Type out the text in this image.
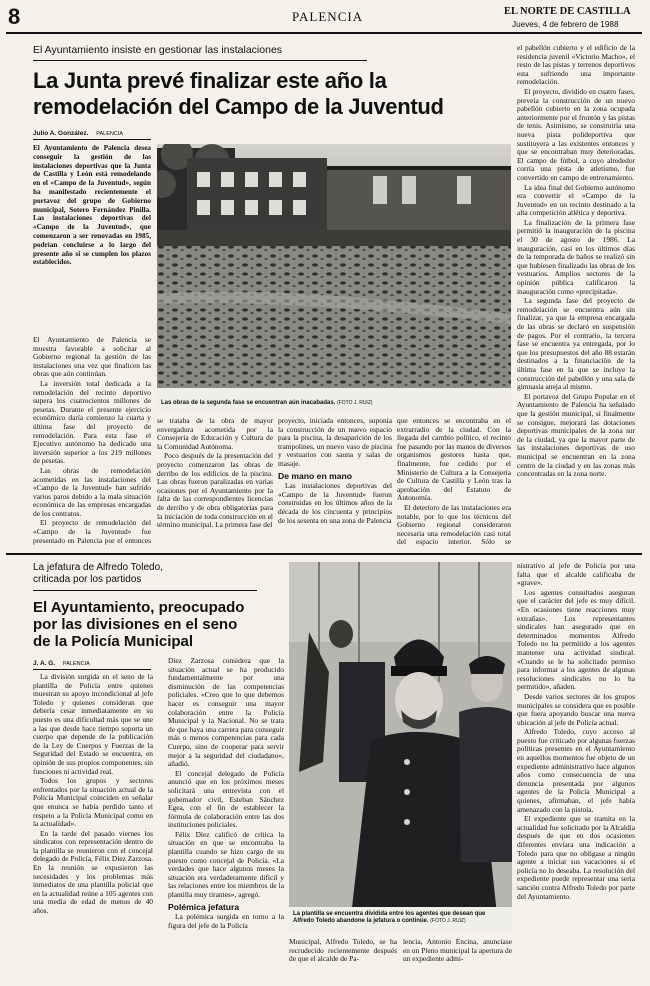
8	PALENCIA	EL NORTE DE CASTILLA
Jueves, 4 de febrero de 1988
El Ayuntamiento insiste en gestionar las instalaciones
La Junta prevé finalizar este año la
remodelación del Campo de la Juventud
Julio A. González. PALENCIA

El Ayuntamiento de Palencia desea conseguir la gestión de las instalaciones deportivas que la Junta de Castilla y León está remodelando en el «Campo de la Juventud», según ha manifestado recientemente el portavoz del grupo de Gobierno municipal, Sotero Fernández Pinilla. Las instalaciones deportivas del «Campo de la Juventud», que comenzaron a ser renovadas en 1985, podrían concluirse a lo largo del presente año si se cumplen los plazos establecidos.

Las obras de la segunda fase se encuentran aún inacabadas. (FOTO J. RUIZ)

El Ayuntamiento de Palencia se muestra favorable a solicitar al Gobierno regional la gestión de las instalaciones una vez que finalicen las obras que aún continúan.

La inversión total dedicada a la remodelación del recinto deportivo supera los cuatrocientos millones de pesetas. Durante el presente ejercicio económico daría comienzo la cuarta y última fase del proyecto de remodelación. Para esta fase el Ejecutivo autónomo ha dedicado una inversión superior a los 219 millones de pesetas.

Las obras de remodelación acometidas en las instalaciones del «Campo de la Juventud» han sufrido varios paros debido a la mala situación económica de las empresas encargadas de los contratos.

El proyecto de remodelación del «Campo de la Juventud» fue presentado en Palencia por el entonces

se trataba de la obra de mayor envergadura acometida por la Consejería de Educación y Cultura de la Comunidad Autónoma.

Poco después de la presentación del proyecto comenzaron las obras de derribo de los edificios de la piscina. Las obras fueron paralizadas en varias ocasiones por el Ayuntamiento por la falta de las correspondientes licencias de derribo y de obra obligatorias para la iniciación de toda construcción en el término municipal. La primera fase del

proyecto, iniciada entonces, suponía la construcción de un nuevo espacio para la piscina, la desaparición de los trampolines, un nuevo vaso de piscina y vestuarios con sauna y salas de masaje.

De mano en mano

Las instalaciones deportivas del «Campo de la Juventud» fueron construidas en los últimos años de la década de los cincuenta y principios de los sesenta en una zona de Palencia

que entonces se encontraba en el extrarradio de la ciudad. Con la llegada del cambio político, el recinto fue pasando por las manos de diversos organismos gestores hasta que, finalmente, fue cedido por el Ministerio de Cultura a la Consejería de Cultura de Castilla y León tras la aprobación del Estatuto de Autonomía.

El deterioro de las instalaciones era notable, por lo que los técnicos del Gobierno regional consideraron necesaria una remodelación casi total del espacio interior. Sólo se

el pabellón cubierto y el edificio de la residencia juvenil «Victorio Macho», el resto de las pistas y terrenos deportivos esta sufriendo una importante remodelación.

El proyecto, dividido en cuatro fases, preveía la construcción de un nuevo pabellón cubierto en la zona ocupada anteriormente por el frontón y las pistas de tenis. Asimismo, se construiría una nueva pista polideportiva que sustituyera a las existentes entonces y que se encontraban muy deterioradas. El campo de fútbol, a cuyo alrededor corría una pista de atletismo, fue convertido en campo de entrenamiento.

La idea final del Gobierno autónomo era convertir el «Campo de la Juventud» en un recinto destinado a la alta competición atlética y deportiva.

La finalización de la primera fase permitió la inauguración de la piscina el 30 de agosto de 1986. La inauguración, casi en los últimos días de la temporada de baños se realizó sin que hubiesen finalizado las obras de los vestuarios. Amplios sectores de la opinión pública calificaron la inauguración como «precipitada».

La segunda fase del proyecto de remodelación se encuentra aún sin finalizar, ya que la empresa encargada de las obras se declaró en suspensión de pagos. Por el contrario, la tercera fase se encuentra ya entregada, por lo que los presupuestos del año 88 estarán destinados a la financiación de la última fase en la que se incluye la construcción del pabellón y una sala de gimnasia aneja al mismo.

El portavoz del Grupo Popular en el Ayuntamiento de Palencia ha señalado que la gestión municipal, si finalmente se consigue, mejorará las dotaciones deportivas municipales de la zona sur de la ciudad, ya que la mayor parte de las instalaciones deportivas de uso municipal se encuentran en la zona centro de la ciudad y en las zonas más concentradas en la zona norte.

La jefatura de Alfredo Toledo,
criticada por los partidos
El Ayuntamiento, preocupado
por las divisiones en el seno
de la Policía Municipal
J. A. G. PALENCIA

La división surgida en el seno de la plantilla de Policía entre quienes muestran su apoyo incondicional al jefe Toledo y quienes consideran que debería cesar inmediatamente en su puesto es una dificultad más que se une a las que desde hace tiempo soporta un cuerpo que depende de la publicación de la Ley de Cuerpos y Fuerzas de la Seguridad del Estado se encuentra, en opinión de sus propios componentes, sin funciones ni actividad real.

Todos los grupos y sectores enfrentados por la situación actual de la Policía Municipal coinciden en señalar que enunca se había perdido tanto el respeto a la Policía Municipal como en la actualidad».

En la tarde del pasado viernes los sindicatos con representación dentro de la plantilla se reunieron con el concejal delegado de Policía, Félix Díez Zarzosa. En la reunión se expusieron las necesidades y los problemas más inmediatos de una plantilla policial que en la actualidad reúne a 105 agentes con una media de edad de menos de 40 años.

Díez Zarzosa considera que la situación actual se ha producido fundamentalmente por una disminución de las competencias policiales. «Creo que lo que debemos hacer es conseguir una mayor colaboración entre la Policía Municipal y la Nacional. No se trata de que haya una carrera para conseguir más o menos competencias para cada Cuerpo, sino de cooperar para servir mejor a la seguridad del ciudadano», añadió.

El concejal delegado de Policía anunció que en los próximos meses solicitará una entrevista con el gobernador civil, Esteban Sánchez Egea, con el fin de establecer la fórmula de colaboración entre las dos instituciones policiales.

Félix Díez calificó de crítica la situación en que se encontraba la plantilla cuando se hizo cargo de su puesto como concejal de Policía. «La verdades que hace algunos meses la situación era verdaderamente difícil y las relaciones entre los miembros de la plantilla muy tirantes», agregó.

Polémica jefatura

La polémica surgida en torno a la figura del jefe de la Policía

La plantilla se encuentra dividida entre los agentes que desean que
Alfredo Toledo abandone la jefatura o continúe. (FOTO J. RUIZ)

Municipal, Alfredo Toledo, se ha recrudecido recientemente después de que el alcalde de Pa-

lencia, Antonio Encina, anunciase en un Pleno municipal la apertura de un expediente admi-

nistrativo al jefe de Policía por una falta que el alcalde calificaba de «grave».

Los agentes consultados aseguran que el carácter del jefe es muy difícil. «En ocasiones tiene reacciones muy extrañas». Los representantes sindicales han asegurado que en determinados momentos Alfredo Toledo no ha permitido a los agentes mantener una actividad sindical. «Cuando se le ha solicitado permiso para informar a los agentes de algunas resoluciones sindicales no lo ha permitido», añaden.

Desde varios sectores de los grupos municipales se considera que es posible que fuera apoyando buscar una nueva ubicación al jefe de Policía actual.

Alfredo Toledo, cuyo acceso al puesto fue criticado por algunas fuerzas políticas presentes en el Ayuntamiento en aquellos momentos fue objeto de un expediente administrativo hace algunos años como consecuencia de una denuncia presentada por algunos agentes de la Policía Municipal a quienes, afirmaban, el jefe había amenazado con la pistola.

El expediente que se tramita en la actualidad fue solicitado por la Alcaldía después de que en dos ocasiones diferentes enviara una indicación a Toledo para que no obligase a ningún agente a iniciar sus vacaciones si el policía no lo deseaba. La resolución del expediente puede representar una seria sanción contra Alfredo Toledo por parte del Ayuntamiento.
